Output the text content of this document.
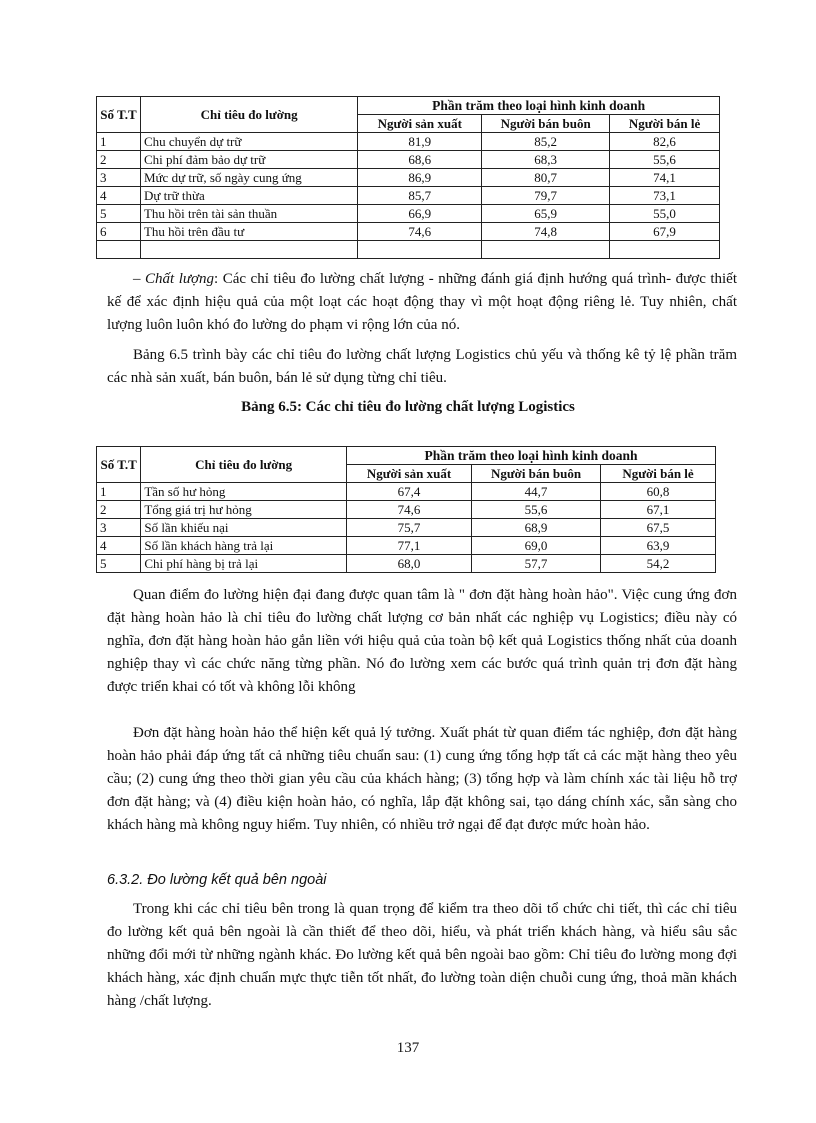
Số T.T	Chỉ tiêu đo lường	Phần trăm theo loại hình kinh doanh		
		Người sản xuất	Người bán buôn	Người bán lẻ
1	Chu chuyển dự trữ	81,9	85,2	82,6
2	Chi phí đảm bảo dự trữ	68,6	68,3	55,6
3	Mức dự trữ, số ngày cung ứng	86,9	80,7	74,1
4	Dự trữ thừa	85,7	79,7	73,1
5	Thu hồi trên tài sản thuần	66,9	65,9	55,0
6	Thu hồi trên đầu tư	74,6	74,8	67,9

– Chất lượng: Các chỉ tiêu đo lường chất lượng - những đánh giá định hướng quá trình- được thiết kế để xác định hiệu quả của một loạt các hoạt động thay vì một hoạt động riêng lẻ. Tuy nhiên, chất lượng luôn luôn khó đo lường do phạm vi rộng lớn của nó.

Bảng 6.5 trình bày các chỉ tiêu đo lường chất lượng Logistics chủ yếu và thống kê tỷ lệ phần trăm các nhà sản xuất, bán buôn, bán lẻ sử dụng từng chỉ tiêu.

Bảng 6.5: Các chỉ tiêu đo lường chất lượng Logistics

Số T.T	Chỉ tiêu đo lường	Phần trăm theo loại hình kinh doanh		
		Người sản xuất	Người bán buôn	Người bán lẻ
1	Tần số hư hỏng	67,4	44,7	60,8
2	Tổng giá trị hư hỏng	74,6	55,6	67,1
3	Số lần khiếu nại	75,7	68,9	67,5
4	Số lần khách hàng trả lại	77,1	69,0	63,9
5	Chi phí hàng bị trả lại	68,0	57,7	54,2

Quan điểm đo lường hiện đại đang được quan tâm là " đơn đặt hàng hoàn hảo". Việc cung ứng đơn đặt hàng hoàn hảo là chỉ tiêu đo lường chất lượng cơ bản nhất các nghiệp vụ Logistics; điều này có nghĩa, đơn đặt hàng hoàn hảo gắn liền với hiệu quả của toàn bộ kết quả Logistics thống nhất của doanh nghiệp thay vì các chức năng từng phần. Nó đo lường xem các bước quá trình quản trị đơn đặt hàng được triển khai có tốt và không lỗi không

Đơn đặt hàng hoàn hảo thể hiện kết quả lý tưởng. Xuất phát từ quan điểm tác nghiệp, đơn đặt hàng hoàn hảo phải đáp ứng tất cả những tiêu chuẩn sau: (1) cung ứng tổng hợp tất cả các mặt hàng theo yêu cầu; (2) cung ứng theo thời gian yêu cầu của khách hàng; (3) tổng hợp và làm chính xác tài liệu hỗ trợ đơn đặt hàng; và (4) điều kiện hoàn hảo, có nghĩa, lắp đặt không sai, tạo dáng chính xác, sẵn sàng cho khách hàng mà không nguy hiểm. Tuy nhiên, có nhiều trở ngại để đạt được mức hoàn hảo.

6.3.2. Đo lường kết quả bên ngoài

Trong khi các chỉ tiêu bên trong là quan trọng để kiểm tra theo dõi tổ chức chi tiết, thì các chỉ tiêu đo lường kết quả bên ngoài là cần thiết để theo dõi, hiểu, và phát triển khách hàng, và hiểu sâu sắc những đổi mới từ những ngành khác. Đo lường kết quả bên ngoài bao gồm: Chỉ tiêu đo lường mong đợi khách hàng, xác định chuẩn mực thực tiễn tốt nhất, đo lường toàn diện chuỗi cung ứng, thoả mãn khách hàng /chất lượng.

137
